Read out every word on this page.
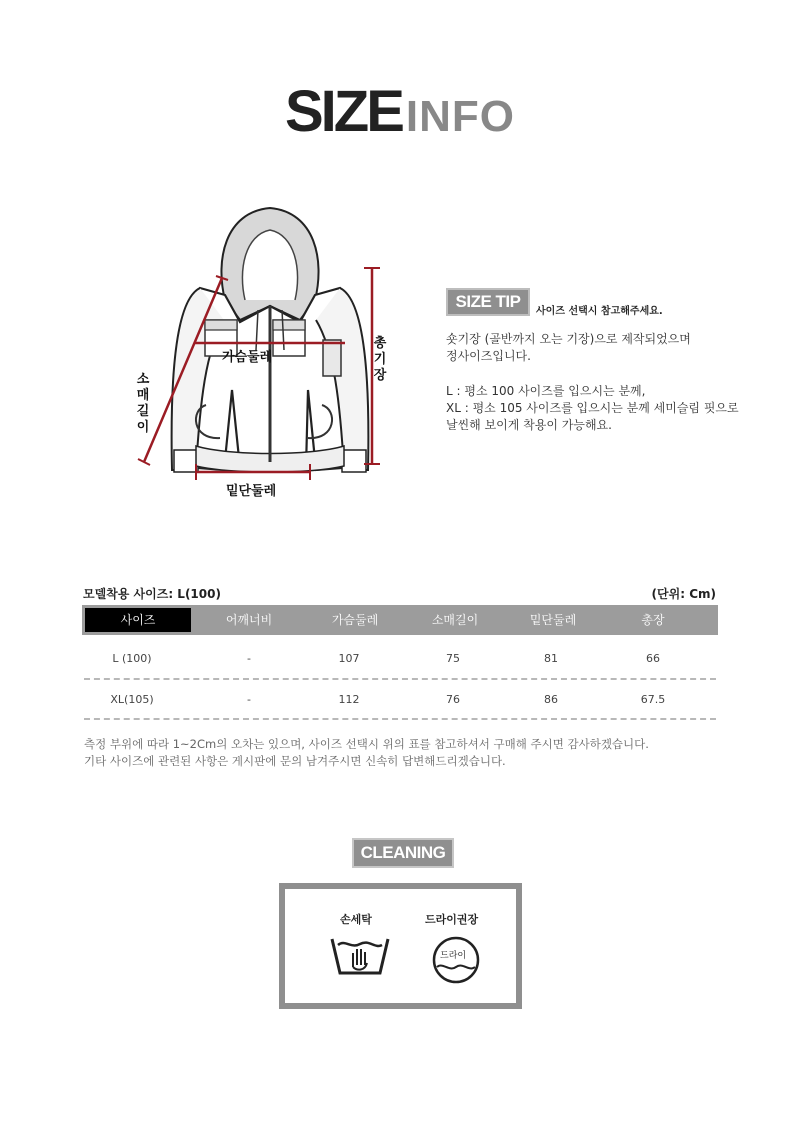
SIZEINFO
가슴둘레
밑단둘레
소
매
길
이
총
기
장
SIZE TIP
사이즈 선택시 참고해주세요.
숏기장 (골반까지 오는 기장)으로 제작되었으며
정사이즈입니다.
L : 평소 100 사이즈를 입으시는 분께,
XL : 평소 105 사이즈를 입으시는 분께 세미슬림 핏으로
날씬해 보이게 착용이 가능해요.
모델착용 사이즈: L(100)	(단위: Cm)
사이즈	어깨너비	가슴둘레	소매길이	밑단둘레	총장
L (100)	-	107	75	81	66
XL(105)	-	112	76	86	67.5
측정 부위에 따라 1~2Cm의 오차는 있으며, 사이즈 선택시 위의 표를 참고하셔서 구매해 주시면 감사하겠습니다.
기타 사이즈에 관련된 사항은 게시판에 문의 남겨주시면 신속히 답변해드리겠습니다.
CLEANING
손세탁	드라이권장
드라이
